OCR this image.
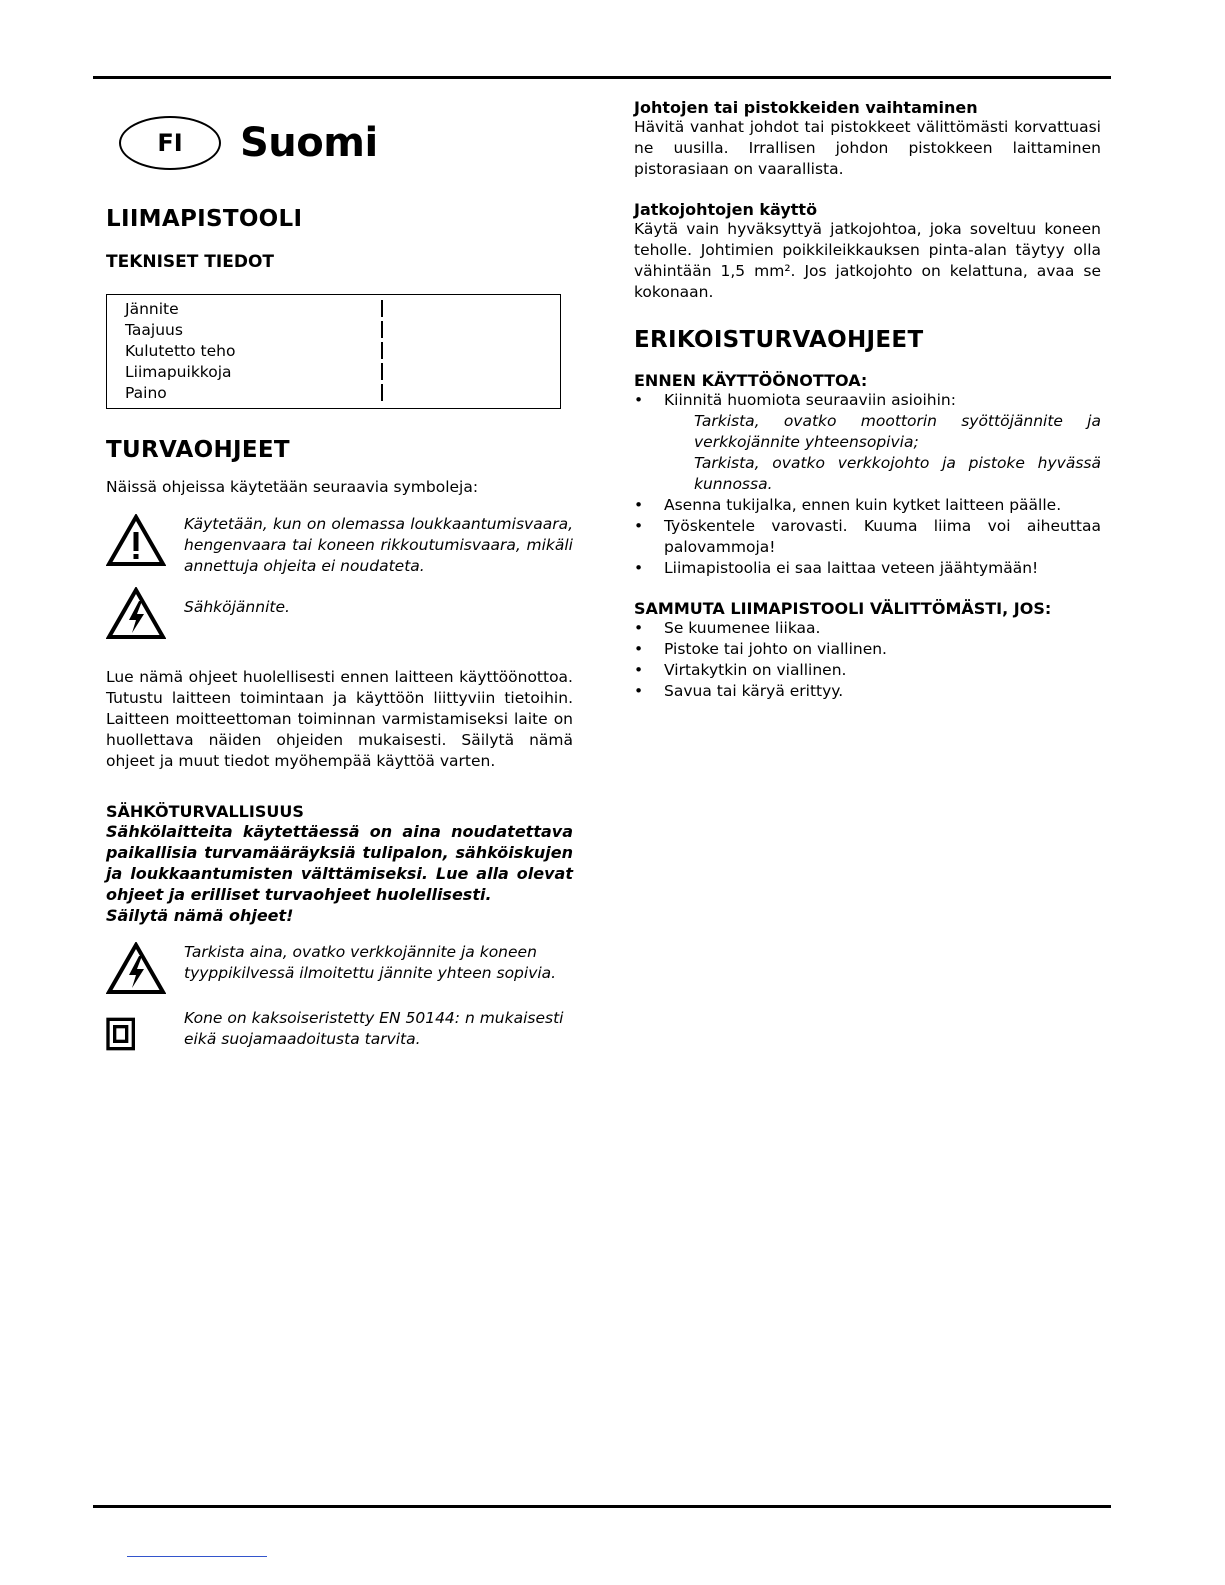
FI	Suomi
LIIMAPISTOOLI
TEKNISET TIEDOT
Jännite
Taajuus
Kulutetto teho
Liimapuikkoja
Paino
TURVAOHJEET

Näissä ohjeissa käytetään seuraavia symboleja:

Käytetään, kun on olemassa loukkaantumisvaara, hengenvaara tai koneen rikkoutumisvaara, mikäli annettuja ohjeita ei noudateta.

Sähköjännite.

Lue nämä ohjeet huolellisesti ennen laitteen käyttöönottoa. Tutustu laitteen toimintaan ja käyttöön liittyviin tietoihin. Laitteen moitteettoman toiminnan varmistamiseksi laite on huollettava näiden ohjeiden mukaisesti. Säilytä nämä ohjeet ja muut tiedot myöhempää käyttöä varten.

SÄHKÖTURVALLISUUS

Sähkölaitteita käytettäessä on aina noudatettava paikallisia turvamääräyksiä tulipalon, sähköiskujen ja loukkaantumisten välttämiseksi. Lue alla olevat ohjeet ja erilliset turvaohjeet huolellisesti.

Säilytä nämä ohjeet!

Tarkista aina, ovatko verkkojännite ja koneen tyyppikilvessä ilmoitettu jännite yhteen sopivia.

Kone on kaksoiseristetty EN 50144: n mukaisesti eikä suojamaadoitusta tarvita.

Johtojen tai pistokkeiden vaihtaminen

Hävitä vanhat johdot tai pistokkeet välittömästi korvattuasi ne uusilla. Irrallisen johdon pistokkeen laittaminen pistorasiaan on vaarallista.

Jatkojohtojen käyttö

Käytä vain hyväksyttyä jatkojohtoa, joka soveltuu koneen teholle. Johtimien poikkileikkauksen pinta-alan täytyy olla vähintään 1,5 mm². Jos jatkojohto on kelattuna, avaa se kokonaan.

ERIKOISTURVAOHJEET
ENNEN KÄYTTÖÖNOTTOA:
• Kiinnitä huomiota seuraaviin asioihin:
Tarkista, ovatko moottorin syöttöjännite ja verkkojännite yhteensopivia;
Tarkista, ovatko verkkojohto ja pistoke hyvässä kunnossa.
• Asenna tukijalka, ennen kuin kytket laitteen päälle.
• Työskentele varovasti. Kuuma liima voi aiheuttaa palovammoja!
• Liimapistoolia ei saa laittaa veteen jäähtymään!
SAMMUTA LIIMAPISTOOLI VÄLITTÖMÄSTI, JOS:
• Se kuumenee liikaa.
• Pistoke tai johto on viallinen.
• Virtakytkin on viallinen.
• Savua tai käryä erittyy.
